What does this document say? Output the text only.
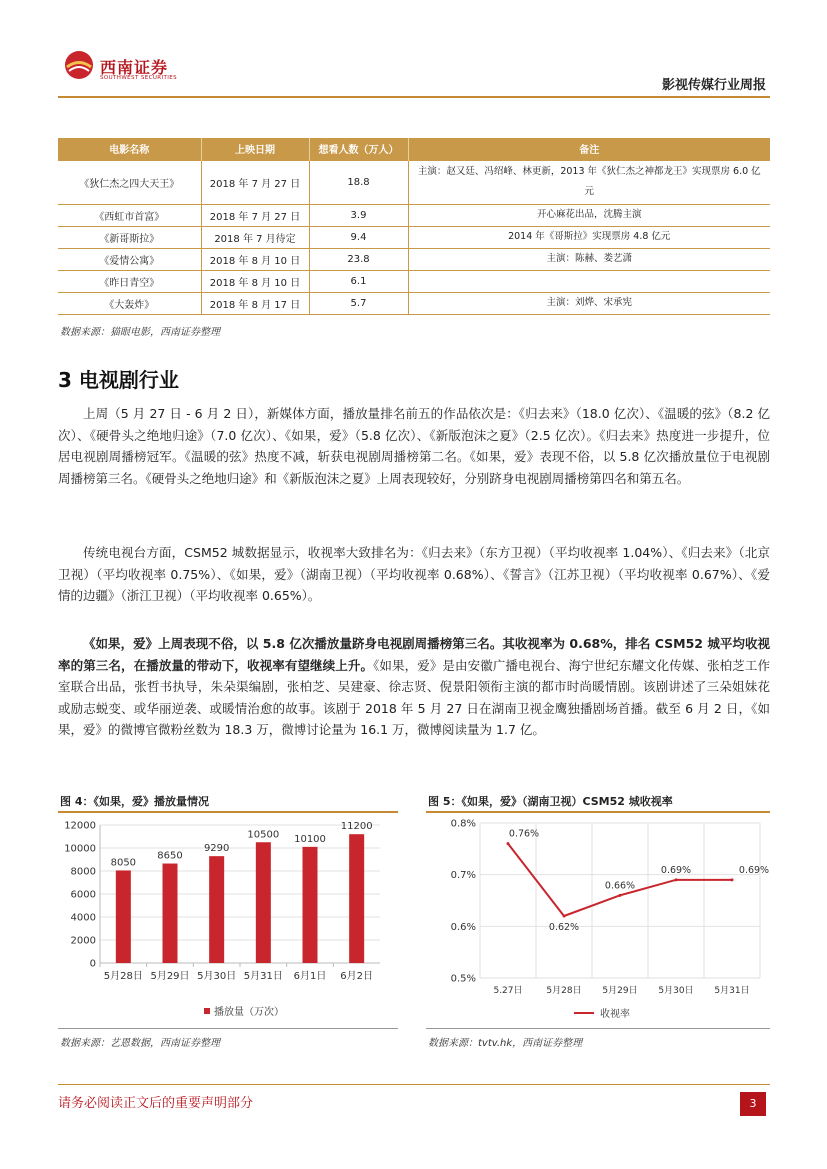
西南证券
SOUTHWEST SECURITIES	影视传媒行业周报
电影名称	上映日期	想看人数（万人）	备注
《狄仁杰之四大天王》	2018 年 7 月 27 日	18.8	主演：赵又廷、冯绍峰、林更新，2013 年《狄仁杰之神都龙王》实现票房 6.0 亿元
《西虹市首富》	2018 年 7 月 27 日	3.9	开心麻花出品，沈腾主演
《新哥斯拉》	2018 年 7 月待定	9.4	2014 年《哥斯拉》实现票房 4.8 亿元
《爱情公寓》	2018 年 8 月 10 日	23.8	主演：陈赫、娄艺潇
《昨日青空》	2018 年 8 月 10 日	6.1	
《大轰炸》	2018 年 8 月 17 日	5.7	主演：刘烨、宋承宪
数据来源：猫眼电影，西南证券整理
3 电视剧行业

上周（5 月 27 日 - 6 月 2 日），新媒体方面，播放量排名前五的作品依次是：《归去来》（18.0 亿次）、《温暖的弦》（8.2 亿次）、《硬骨头之绝地归途》（7.0 亿次）、《如果，爱》（5.8 亿次）、《新版泡沫之夏》（2.5 亿次）。《归去来》热度进一步提升，位居电视剧周播榜冠军。《温暖的弦》热度不减，斩获电视剧周播榜第二名。《如果，爱》表现不俗，以 5.8 亿次播放量位于电视剧周播榜第三名。《硬骨头之绝地归途》和《新版泡沫之夏》上周表现较好，分别跻身电视剧周播榜第四名和第五名。

传统电视台方面，CSM52 城数据显示，收视率大致排名为：《归去来》（东方卫视）（平均收视率 1.04%）、《归去来》（北京卫视）（平均收视率 0.75%）、《如果，爱》（湖南卫视）（平均收视率 0.68%）、《誓言》（江苏卫视）（平均收视率 0.67%）、《爱情的边疆》（浙江卫视）（平均收视率 0.65%）。

《如果，爱》上周表现不俗，以 5.8 亿次播放量跻身电视剧周播榜第三名。其收视率为 0.68%，排名 CSM52 城平均收视率的第三名，在播放量的带动下，收视率有望继续上升。《如果，爱》是由安徽广播电视台、海宁世纪东耀文化传媒、张柏芝工作室联合出品，张哲书执导，朱朵渠编剧，张柏芝、吴建豪、徐志贤、倪景阳领衔主演的都市时尚暖情剧。该剧讲述了三朵姐妹花或励志蜕变、或华丽逆袭、或暖情治愈的故事。该剧于 2018 年 5 月 27 日在湖南卫视金鹰独播剧场首播。截至 6 月 2 日，《如果，爱》的微博官微粉丝数为 18.3 万，微博讨论量为 16.1 万，微博阅读量为 1.7 亿。

图 4：《如果，爱》播放量情况
0
2000
4000
6000
8000
10000
12000
8050
5月28日
8650
5月29日
9290
5月30日
10500
5月31日
10100
6月1日
11200
6月2日
播放量（万次）
数据来源：艺恩数据，西南证券整理
图 5：《如果，爱》（湖南卫视）CSM52 城收视率
0.5%
0.6%
0.7%
0.8%
0.76%
5.27日
0.62%
5月28日
0.66%
5月29日
0.69%
5月30日
0.69%
5月31日
收视率
数据来源：tvtv.hk，西南证券整理
请务必阅读正文后的重要声明部分	3
